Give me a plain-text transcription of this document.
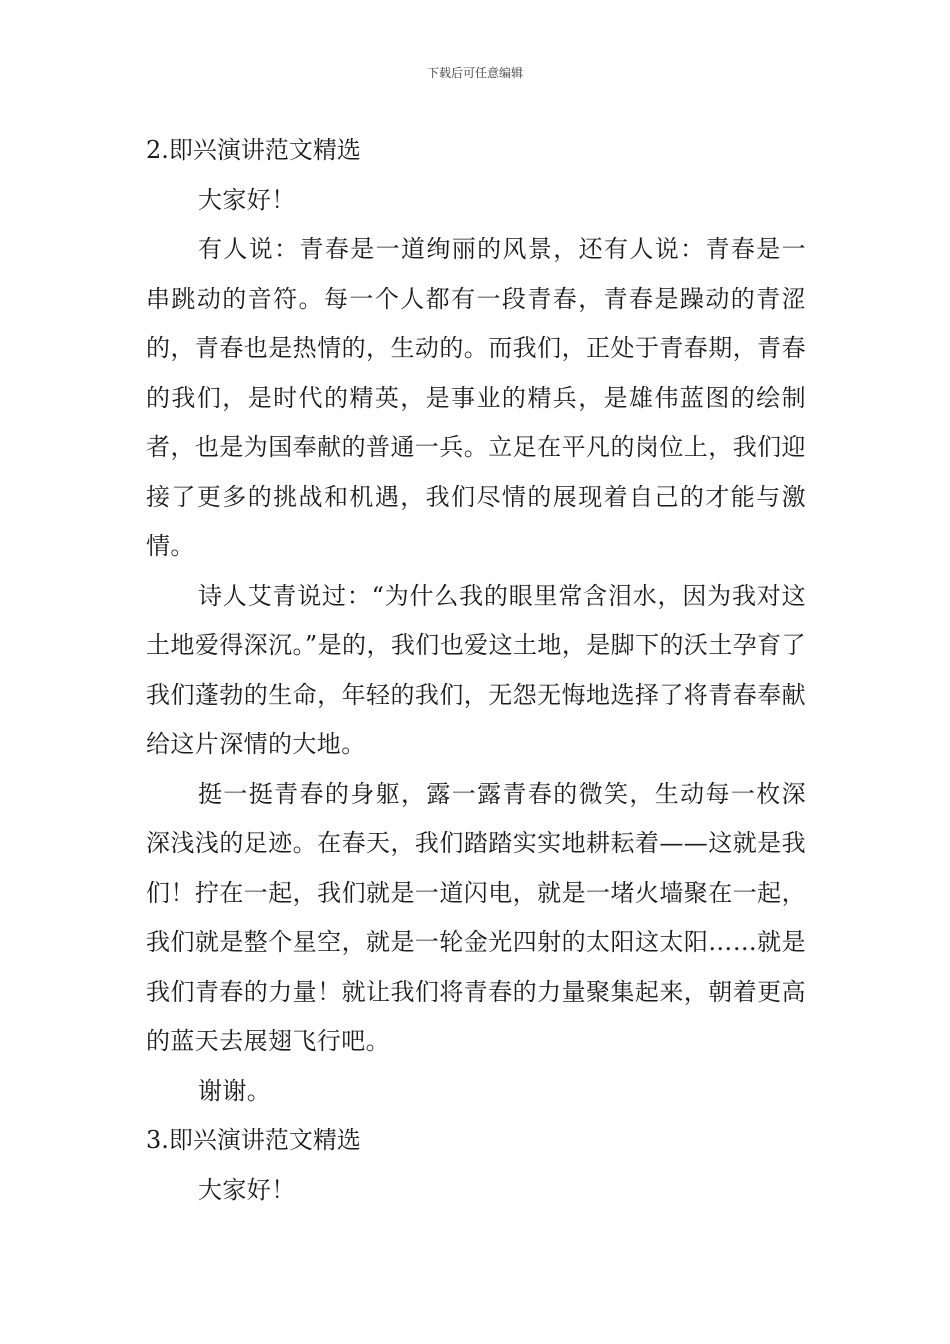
下载后可任意编辑

2.即兴演讲范文精选

大家好！

有人说：青春是一道绚丽的风景，还有人说：青春是一串跳动的音符。每一个人都有一段青春，青春是躁动的青涩的，青春也是热情的，生动的。而我们，正处于青春期，青春的我们，是时代的精英，是事业的精兵，是雄伟蓝图的绘制者，也是为国奉献的普通一兵。立足在平凡的岗位上，我们迎接了更多的挑战和机遇，我们尽情的展现着自己的才能与激情。

诗人艾青说过：“为什么我的眼里常含泪水，因为我对这土地爱得深沉。”是的，我们也爱这土地，是脚下的沃土孕育了我们蓬勃的生命，年轻的我们，无怨无悔地选择了将青春奉献给这片深情的大地。

挺一挺青春的身躯，露一露青春的微笑，生动每一枚深深浅浅的足迹。在春天，我们踏踏实实地耕耘着——这就是我们！拧在一起，我们就是一道闪电，就是一堵火墙聚在一起，我们就是整个星空，就是一轮金光四射的太阳这太阳……就是我们青春的力量！就让我们将青春的力量聚集起来，朝着更高的蓝天去展翅飞行吧。

谢谢。

3.即兴演讲范文精选

大家好！
